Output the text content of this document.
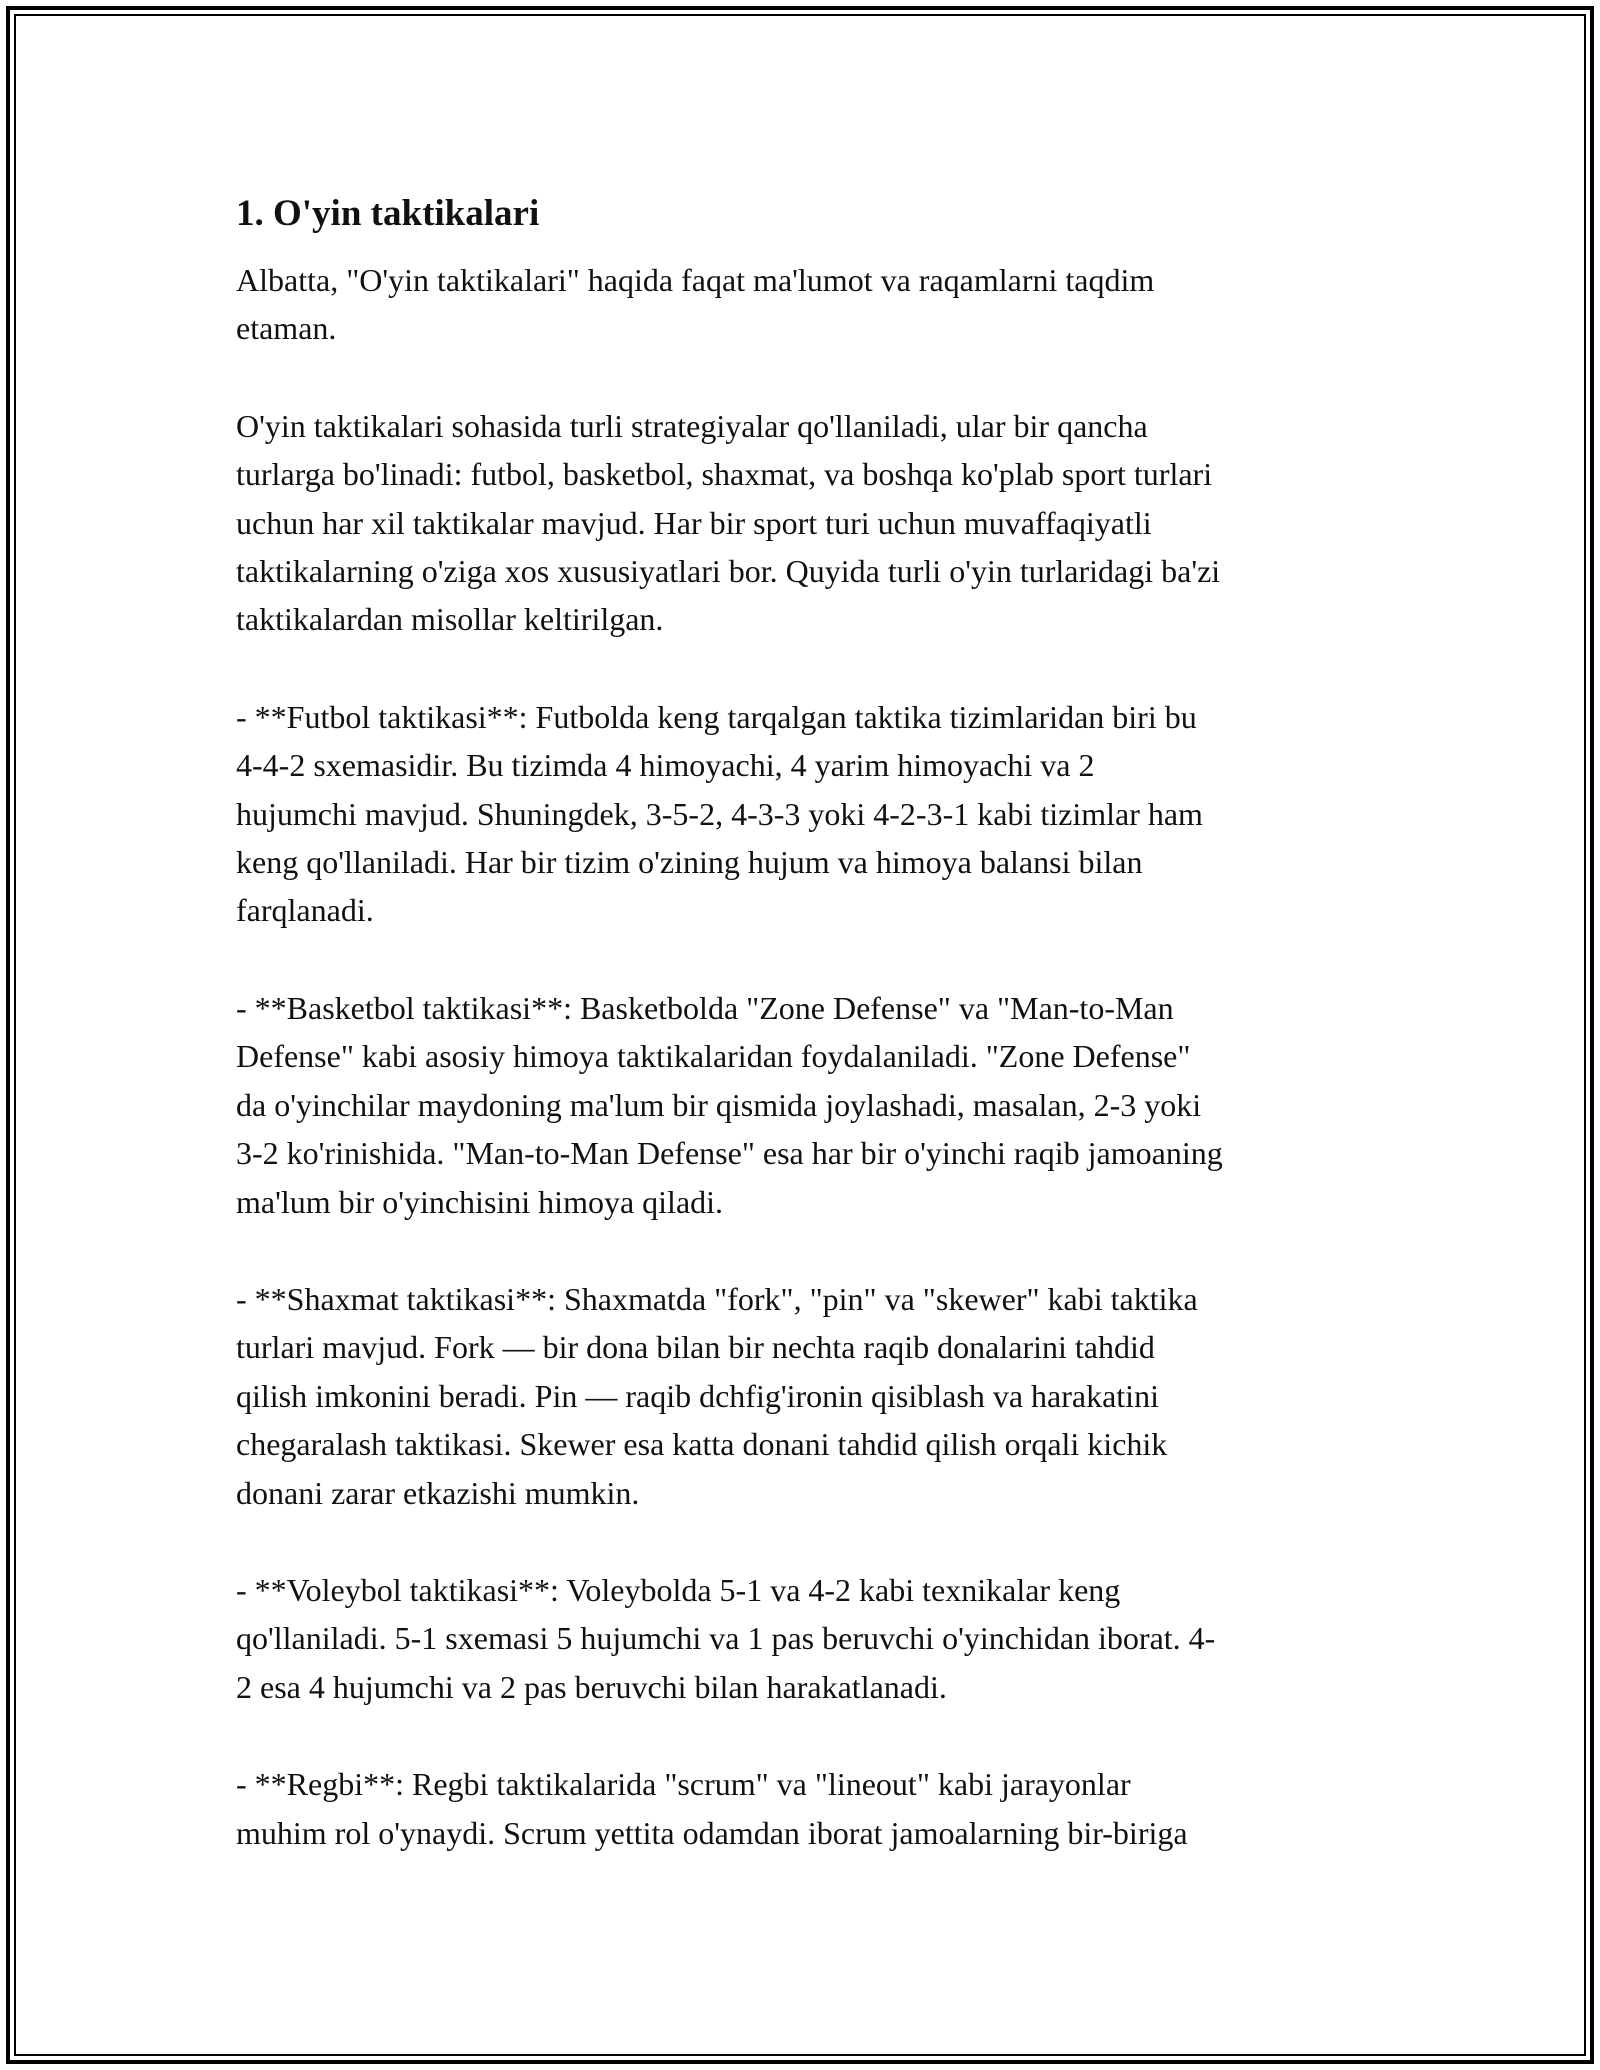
1. O'yin taktikalari
Albatta, "O'yin taktikalari" haqida faqat ma'lumot va raqamlarni taqdim
etaman.
O'yin taktikalari sohasida turli strategiyalar qo'llaniladi, ular bir qancha
turlarga bo'linadi: futbol, basketbol, shaxmat, va boshqa ko'plab sport turlari
uchun har xil taktikalar mavjud. Har bir sport turi uchun muvaffaqiyatli
taktikalarning o'ziga xos xususiyatlari bor. Quyida turli o'yin turlaridagi ba'zi
taktikalardan misollar keltirilgan.
- **Futbol taktikasi**: Futbolda keng tarqalgan taktika tizimlaridan biri bu
4-4-2 sxemasidir. Bu tizimda 4 himoyachi, 4 yarim himoyachi va 2
hujumchi mavjud. Shuningdek, 3-5-2, 4-3-3 yoki 4-2-3-1 kabi tizimlar ham
keng qo'llaniladi. Har bir tizim o'zining hujum va himoya balansi bilan
farqlanadi.
- **Basketbol taktikasi**: Basketbolda "Zone Defense" va "Man-to-Man
Defense" kabi asosiy himoya taktikalaridan foydalaniladi. "Zone Defense"
da o'yinchilar maydoning ma'lum bir qismida joylashadi, masalan, 2-3 yoki
3-2 ko'rinishida. "Man-to-Man Defense" esa har bir o'yinchi raqib jamoaning
ma'lum bir o'yinchisini himoya qiladi.
- **Shaxmat taktikasi**: Shaxmatda "fork", "pin" va "skewer" kabi taktika
turlari mavjud. Fork — bir dona bilan bir nechta raqib donalarini tahdid
qilish imkonini beradi. Pin — raqib dchfig'ironin qisiblash va harakatini
chegaralash taktikasi. Skewer esa katta donani tahdid qilish orqali kichik
donani zarar etkazishi mumkin.
- **Voleybol taktikasi**: Voleybolda 5-1 va 4-2 kabi texnikalar keng
qo'llaniladi. 5-1 sxemasi 5 hujumchi va 1 pas beruvchi o'yinchidan iborat. 4-
2 esa 4 hujumchi va 2 pas beruvchi bilan harakatlanadi.
- **Regbi**: Regbi taktikalarida "scrum" va "lineout" kabi jarayonlar
muhim rol o'ynaydi. Scrum yettita odamdan iborat jamoalarning bir-biriga
